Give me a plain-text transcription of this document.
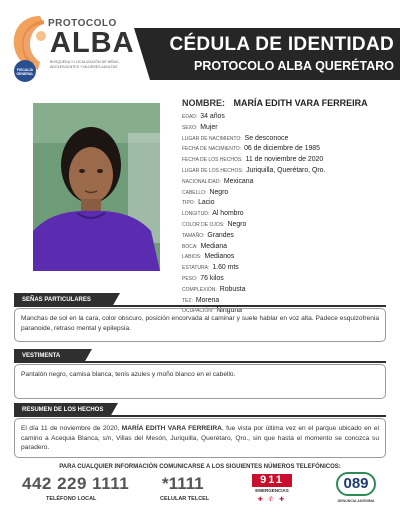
PROTOCOLO
ALBA
BÚSQUEDA Y LOCALIZACIÓN DE NIÑAS, ADOLESCENTES Y MUJERES ADULTAS
FISCALÍA GENERAL
CÉDULA DE IDENTIDAD
PROTOCOLO ALBA QUERÉTARO
NOMBRE: MARÍA EDITH VARA FERREIRA
EDAD: 34 años
SEXO: Mujer
LUGAR DE NACIMIENTO: Se desconoce
FECHA DE NACIMIENTO: 06 de diciembre de 1985
FECHA DE LOS HECHOS: 11 de noviembre de 2020
LUGAR DE LOS HECHOS: Juriquilla, Querétaro, Qro.
NACIONALIDAD: Mexicana
CABELLO: Negro
TIPO: Lacio
LONGITUD: Al hombro
COLOR DE OJOS: Negro
TAMAÑO: Grandes
BOCA: Mediana
LABIOS: Medianos
ESTATURA: 1.60 mts
PESO: 76 kilos
COMPLEXIÓN: Robusta
TEZ: Morena
OCUPACIÓN: Ninguna
SEÑAS PARTICULARES
Manchas de sol en la cara, color obscuro, posición encorvada al caminar y suele hablar en voz alta. Padece esquizofrenia paranoide, retraso mental y epilepsia.
VESTIMENTA
Pantalón negro, camisa blanca, tenis azules y moño blanco en el cabello.
RESUMEN DE LOS HECHOS
El día 11 de noviembre de 2020, MARÍA EDITH VARA FERREIRA, fue vista por última vez en el parque ubicado en el camino a Acequia Blanca, s/n, Villas del Mesón, Juriquilla, Querétaro, Qro., sin que hasta el momento se conozca su paradero.
PARA CUALQUIER INFORMACIÓN COMUNICARSE A LOS SIGUIENTES NÚMEROS TELEFÓNICOS:
442 229 1111
TELÉFONO LOCAL
*1111
CELULAR TELCEL
911
EMERGENCIAS
✚ ✆ ✚
089
DENUNCIA ANÓNIMA
